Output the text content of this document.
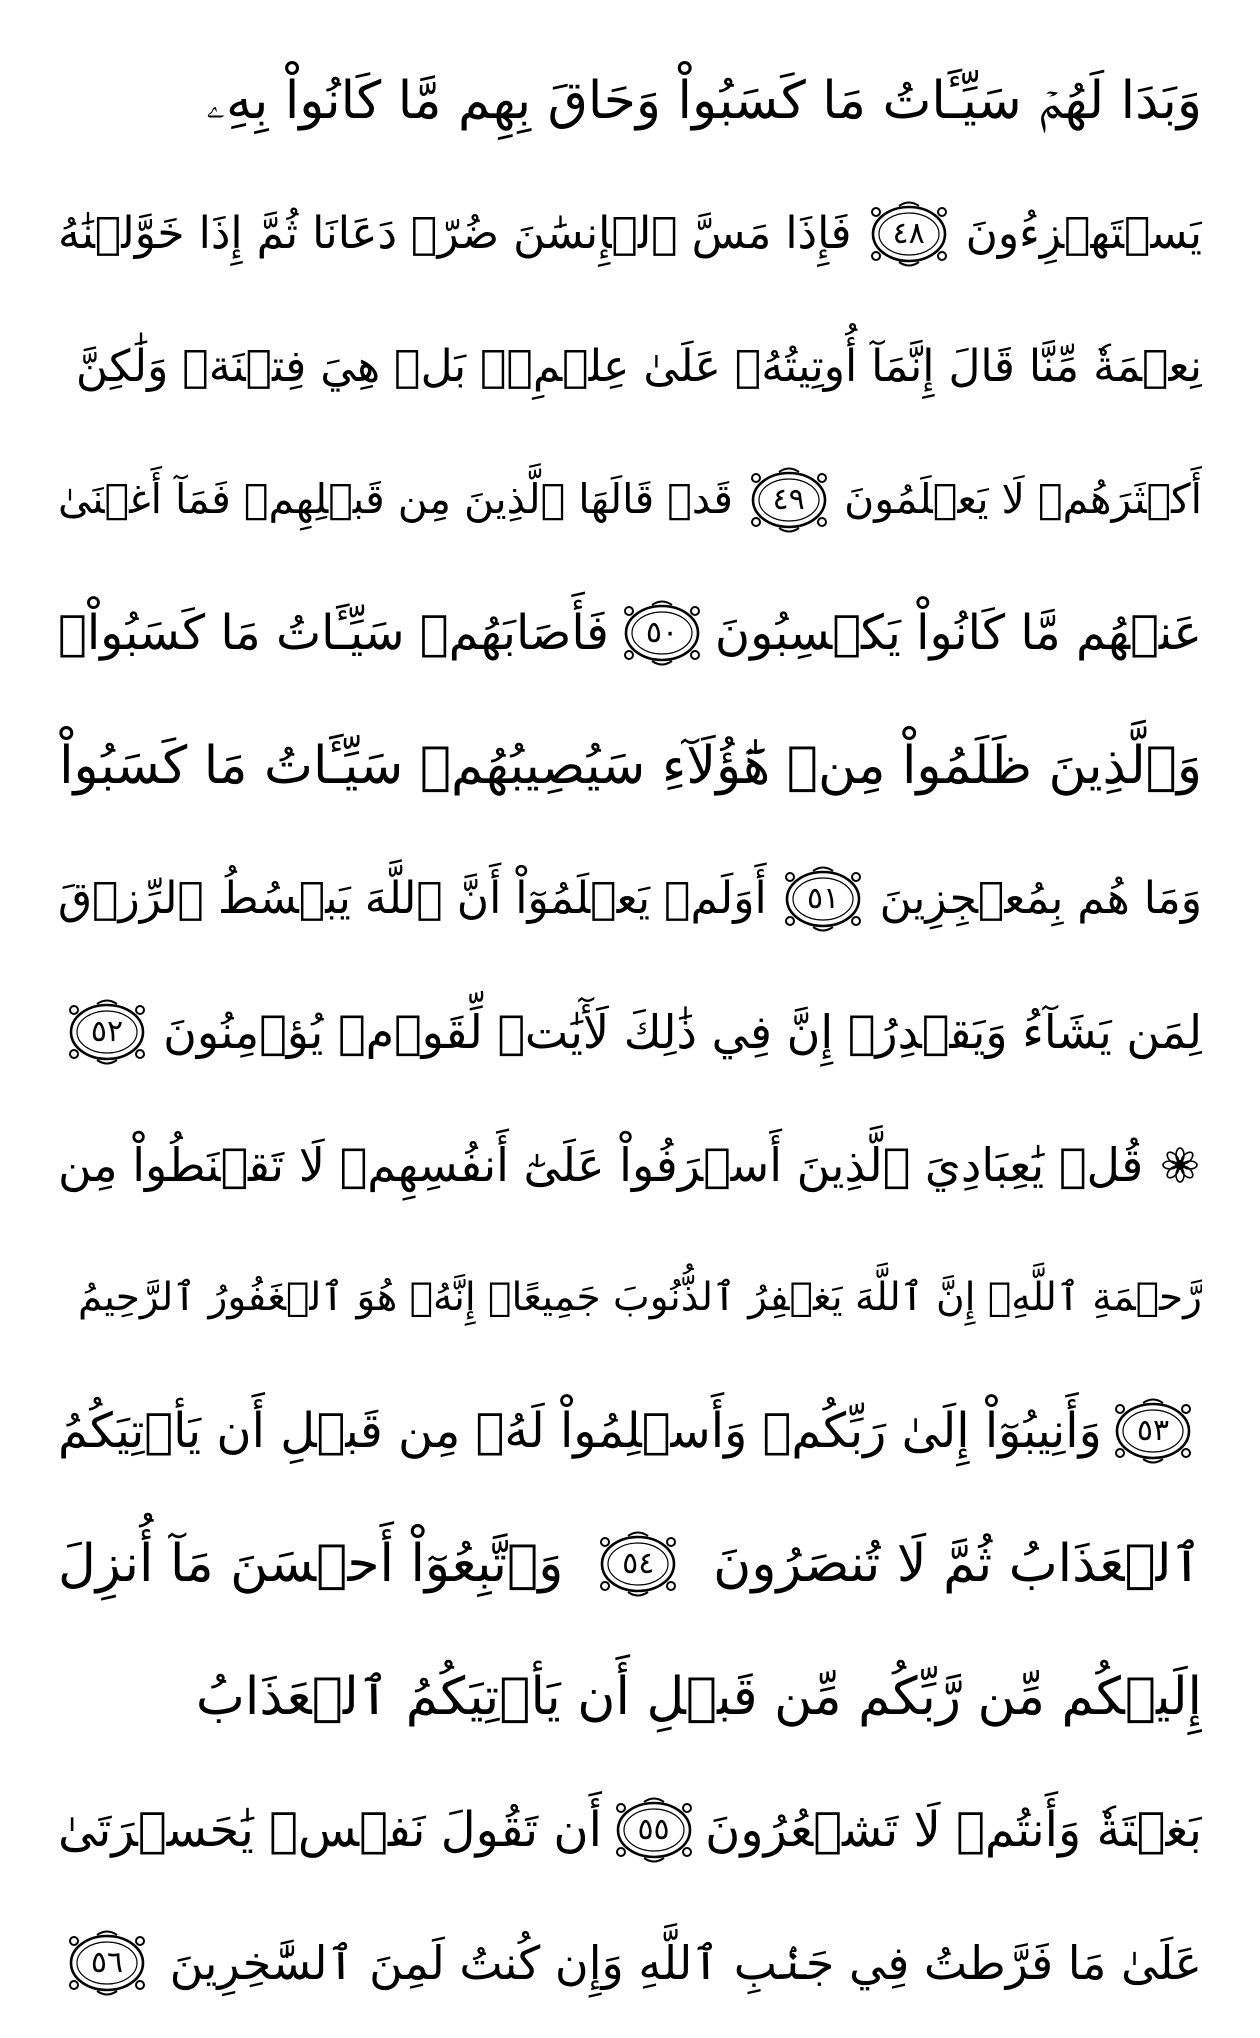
وَبَدَا لَهُمۡ سَيِّـَٔاتُ مَا كَسَبُواْ وَحَاقَ بِهِم مَّا كَانُواْ بِهِۦ
يَسۡتَهۡزِءُونَ
٤٨
فَإِذَا مَسَّ ٱلۡإِنسَٰنَ ضُرّٞ دَعَانَا ثُمَّ إِذَا خَوَّلۡنَٰهُ
نِعۡمَةٗ مِّنَّا قَالَ إِنَّمَآ أُوتِيتُهُۥ عَلَىٰ عِلۡمِۭۚ بَلۡ هِيَ فِتۡنَةٞ وَلَٰكِنَّ
أَكۡثَرَهُمۡ لَا يَعۡلَمُونَ
٤٩
قَدۡ قَالَهَا ٱلَّذِينَ مِن قَبۡلِهِمۡ فَمَآ أَغۡنَىٰ
عَنۡهُم مَّا كَانُواْ يَكۡسِبُونَ
٥٠
فَأَصَابَهُمۡ سَيِّـَٔاتُ مَا كَسَبُواْۚ
وَٱلَّذِينَ ظَلَمُواْ مِنۡ هَٰٓؤُلَآءِ سَيُصِيبُهُمۡ سَيِّـَٔاتُ مَا كَسَبُواْ
وَمَا هُم بِمُعۡجِزِينَ
٥١
أَوَلَمۡ يَعۡلَمُوٓاْ أَنَّ ٱللَّهَ يَبۡسُطُ ٱلرِّزۡقَ
لِمَن يَشَآءُ وَيَقۡدِرُۚ إِنَّ فِي ذَٰلِكَ لَأٓيَٰتٖ لِّقَوۡمٖ يُؤۡمِنُونَ
٥٢
قُلۡ يَٰعِبَادِيَ ٱلَّذِينَ أَسۡرَفُواْ عَلَىٰٓ أَنفُسِهِمۡ لَا تَقۡنَطُواْ مِن
رَّحۡمَةِ ٱللَّهِۚ إِنَّ ٱللَّهَ يَغۡفِرُ ٱلذُّنُوبَ جَمِيعًاۚ إِنَّهُۥ هُوَ ٱلۡغَفُورُ ٱلرَّحِيمُ
٥٣
وَأَنِيبُوٓاْ إِلَىٰ رَبِّكُمۡ وَأَسۡلِمُواْ لَهُۥ مِن قَبۡلِ أَن يَأۡتِيَكُمُ
ٱلۡعَذَابُ ثُمَّ لَا تُنصَرُونَ
٥٤
وَٱتَّبِعُوٓاْ أَحۡسَنَ مَآ أُنزِلَ
إِلَيۡكُم مِّن رَّبِّكُم مِّن قَبۡلِ أَن يَأۡتِيَكُمُ ٱلۡعَذَابُ
بَغۡتَةٗ وَأَنتُمۡ لَا تَشۡعُرُونَ
٥٥
أَن تَقُولَ نَفۡسٞ يَٰحَسۡرَتَىٰ
عَلَىٰ مَا فَرَّطتُ فِي جَنۢبِ ٱللَّهِ وَإِن كُنتُ لَمِنَ ٱلسَّٰخِرِينَ
٥٦
